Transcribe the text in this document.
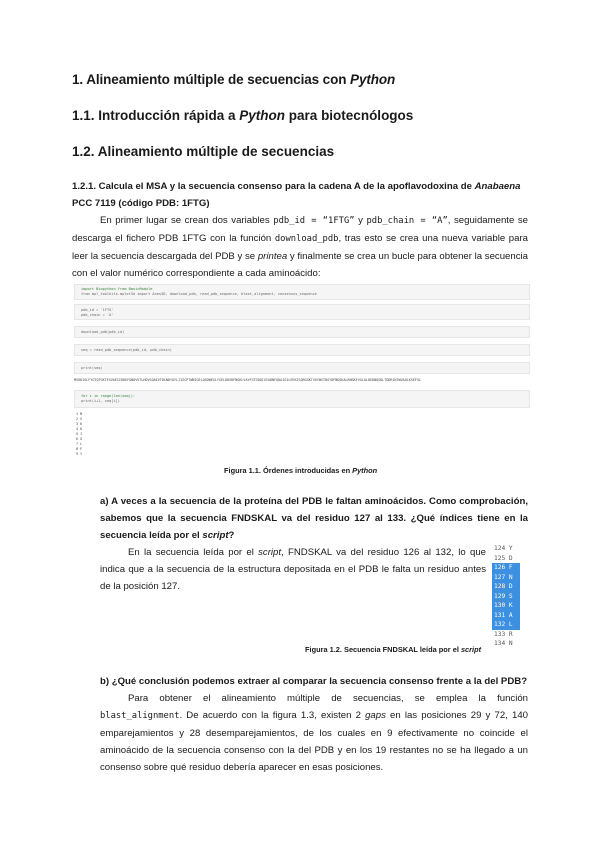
1. Alineamiento múltiple de secuencias con Python
1.1. Introducción rápida a Python para biotecnólogos
1.2. Alineamiento múltiple de secuencias
1.2.1. Calcula el MSA y la secuencia consenso para la cadena A de la apoflavodoxina de Anabaena
PCC 7119 (código PDB: 1FTG)
En primer lugar se crean dos variables pdb_id = “1FTG” y pdb_chain = “A”, seguidamente se descarga el fichero PDB 1FTG con la función download_pdb, tras esto se crea una nueva variable para leer la secuencia descargada del PDB y se printea y finalmente se crea un bucle para obtener la secuencia con el valor numérico correspondiente a cada aminoácido:
import Biopython from BasicModule
from mpl_toolkits.mplot3d import Axes3D, download_pdb, read_pdb_sequence, blast_alignment, consensus_sequence
pdb_id = '1FTG'
pdb_chain = 'A'
download_pdb(pdb_id)
seq = read_pdb_sequence(pdb_id, pdb_chain)
print(seq)
MSKKIGLFYGTQTGKTESVAEIIRDEFGNDVVTLHDVSQAEVTDLNDYQYLIIGCPTWNIGELQSDWEGLYSELDDVDFNGKLVAYFGTGDQIGYADNFQDAIGILEEKISQRGGKTVGYWSTDGYDFNDSKALRNGKFVGLALDEDNQSDLTDDRIKSWVAQLKSEFGL
for i in range(len(seq)):
print(i+1, seq[i])
1 M
2 S
3 K
4 K
5 I
6 G
7 L
8 F
9 Y
Figura 1.1. Órdenes introducidas en Python
a) A veces a la secuencia de la proteína del PDB le faltan aminoácidos. Como comprobación, sabemos que la secuencia FNDSKAL va del residuo 127 al 133. ¿Qué índices tiene en la secuencia leída por el script?
En la secuencia leída por el script, FNDSKAL va del residuo 126 al 132, lo que indica que a la secuencia de la estructura depositada en el PDB le falta un residuo antes de la posición 127.
124 Y
125 D
126 F
127 N
128 D
129 S
130 K
131 A
132 L
133 R
134 N
Figura 1.2. Secuencia FNDSKAL leída por el script
b) ¿Qué conclusión podemos extraer al comparar la secuencia consenso frente a la del PDB?
Para obtener el alineamiento múltiple de secuencias, se emplea la función blast_alignment. De acuerdo con la figura 1.3, existen 2 gaps en las posiciones 29 y 72, 140 emparejamientos y 28 desemparejamientos, de los cuales en 9 efectivamente no coincide el aminoácido de la secuencia consenso con la del PDB y en los 19 restantes no se ha llegado a un consenso sobre qué residuo debería aparecer en esas posiciones.
